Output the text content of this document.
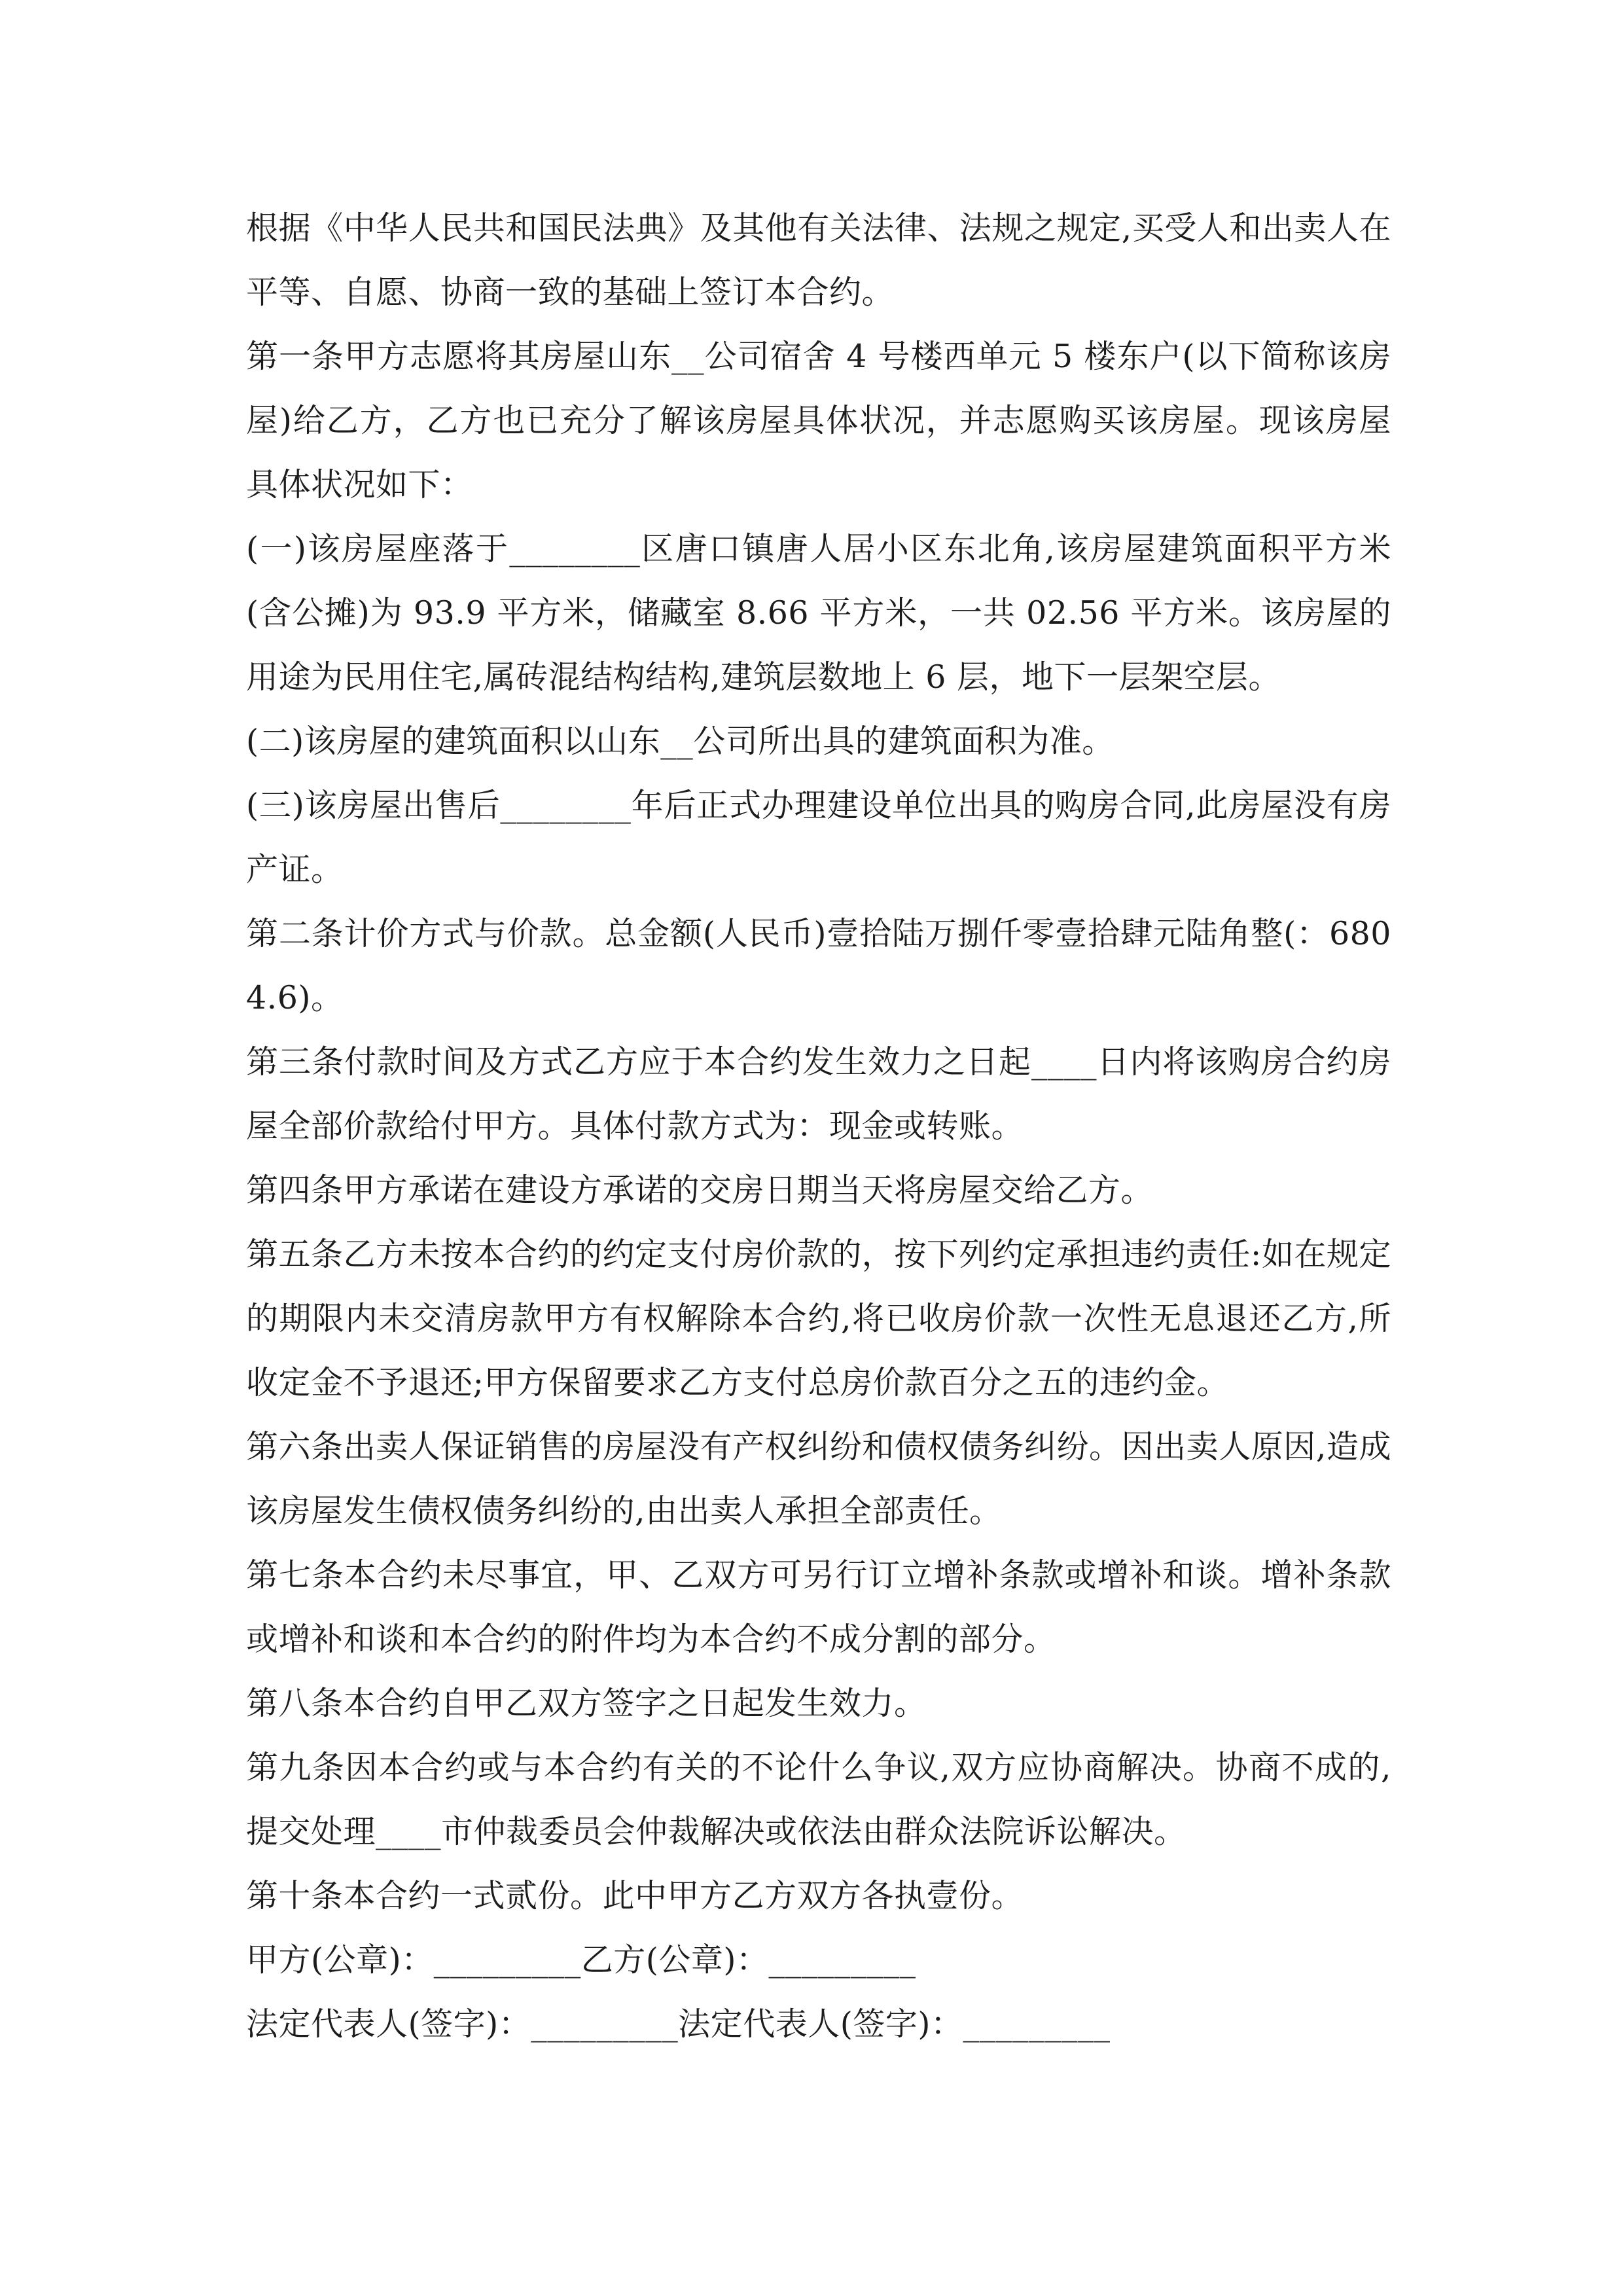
根据《中华人民共和国民法典》及其他有关法律、法规之规定,买受人和出卖人在平等、自愿、协商一致的基础上签订本合约。

第一条甲方志愿将其房屋山东__公司宿舍 4 号楼西单元 5 楼东户(以下简称该房屋)给乙方，乙方也已充分了解该房屋具体状况，并志愿购买该房屋。现该房屋具体状况如下：

(一)该房屋座落于________区唐口镇唐人居小区东北角,该房屋建筑面积平方米(含公摊)为 93.9 平方米，储藏室 8.66 平方米，一共 02.56 平方米。该房屋的用途为民用住宅,属砖混结构结构,建筑层数地上 6 层，地下一层架空层。

(二)该房屋的建筑面积以山东__公司所出具的建筑面积为准。

(三)该房屋出售后________年后正式办理建设单位出具的购房合同,此房屋没有房产证。

第二条计价方式与价款。总金额(人民币)壹拾陆万捌仟零壹拾肆元陆角整(：6804.6)。

第三条付款时间及方式乙方应于本合约发生效力之日起____日内将该购房合约房屋全部价款给付甲方。具体付款方式为：现金或转账。

第四条甲方承诺在建设方承诺的交房日期当天将房屋交给乙方。

第五条乙方未按本合约的约定支付房价款的，按下列约定承担违约责任:如在规定的期限内未交清房款甲方有权解除本合约,将已收房价款一次性无息退还乙方,所收定金不予退还;甲方保留要求乙方支付总房价款百分之五的违约金。

第六条出卖人保证销售的房屋没有产权纠纷和债权债务纠纷。因出卖人原因,造成该房屋发生债权债务纠纷的,由出卖人承担全部责任。

第七条本合约未尽事宜，甲、乙双方可另行订立增补条款或增补和谈。增补条款或增补和谈和本合约的附件均为本合约不成分割的部分。

第八条本合约自甲乙双方签字之日起发生效力。

第九条因本合约或与本合约有关的不论什么争议,双方应协商解决。协商不成的,提交处理____市仲裁委员会仲裁解决或依法由群众法院诉讼解决。

第十条本合约一式贰份。此中甲方乙方双方各执壹份。

甲方(公章)：_________乙方(公章)：_________

法定代表人(签字)：_________法定代表人(签字)：_________
